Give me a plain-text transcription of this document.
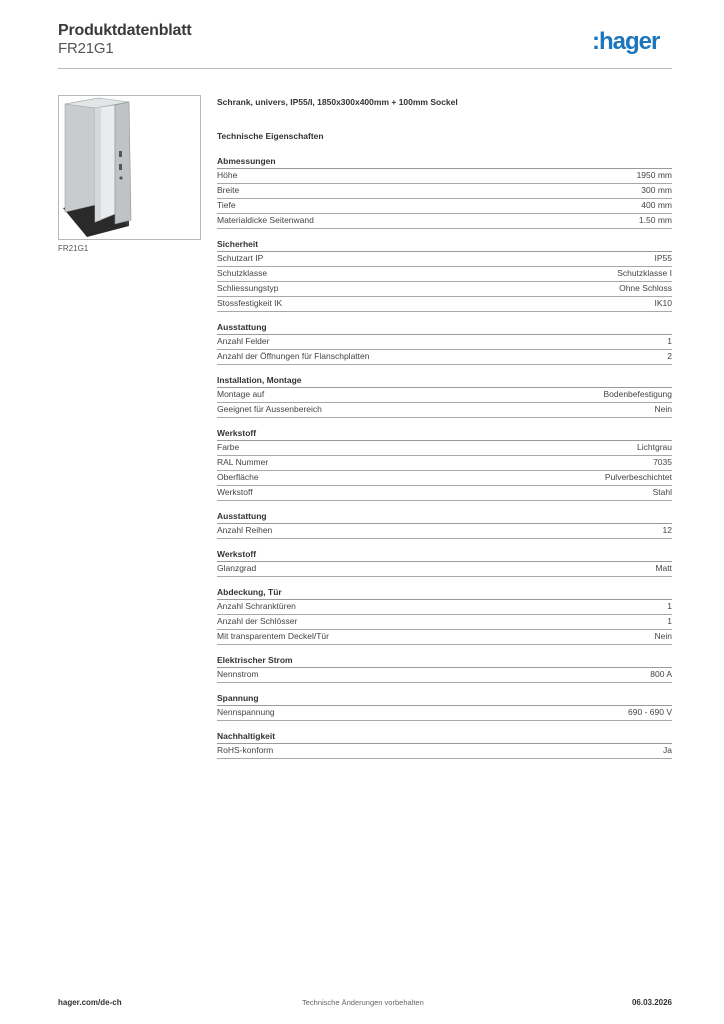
Produktdatenblatt
FR21G1	:hager
FR21G1
Schrank, univers, IP55/I, 1850x300x400mm + 100mm Sockel
Technische Eigenschaften
Abmessungen
Höhe	1950 mm
Breite	300 mm
Tiefe	400 mm
Materialdicke Seitenwand	1.50 mm
Sicherheit
Schutzart IP	IP55
Schutzklasse	Schutzklasse I
Schliessungstyp	Ohne Schloss
Stossfestigkeit IK	IK10
Ausstattung
Anzahl Felder	1
Anzahl der Öffnungen für Flanschplatten	2
Installation, Montage
Montage auf	Bodenbefestigung
Geeignet für Aussenbereich	Nein
Werkstoff
Farbe	Lichtgrau
RAL Nummer	7035
Oberfläche	Pulverbeschichtet
Werkstoff	Stahl
Ausstattung
Anzahl Reihen	12
Werkstoff
Glanzgrad	Matt
Abdeckung, Tür
Anzahl Schranktüren	1
Anzahl der Schlösser	1
Mit transparentem Deckel/Tür	Nein
Elektrischer Strom
Nennstrom	800 A
Spannung
Nennspannung	690 - 690 V
Nachhaltigkeit
RoHS-konform	Ja
hager.com/de-ch	Technische Änderungen vorbehalten	06.03.2026
